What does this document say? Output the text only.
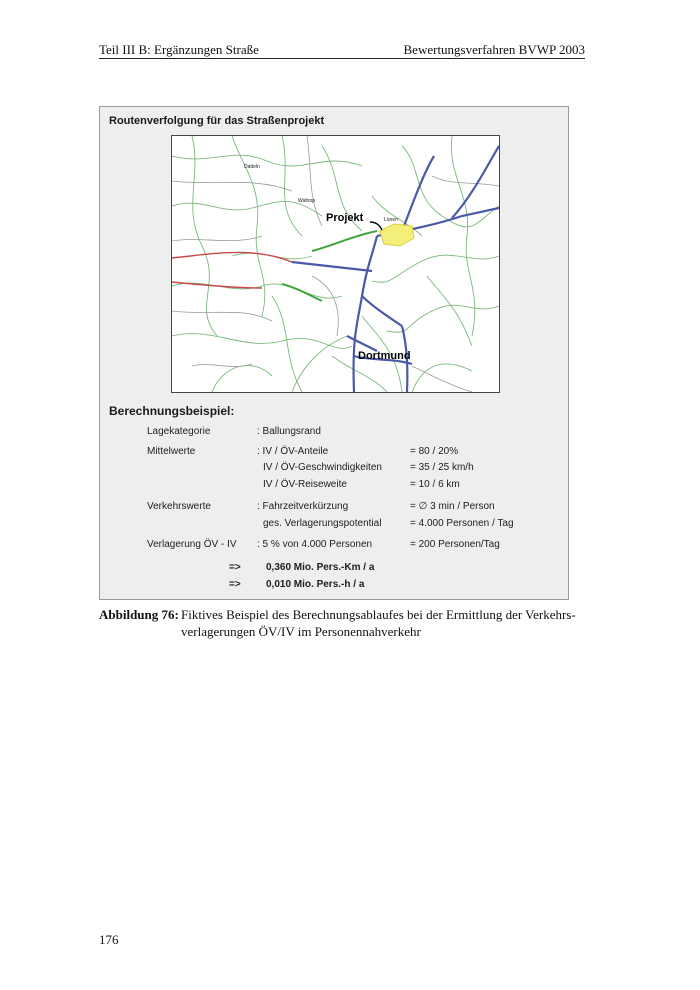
Teil III B: Ergänzungen Straße	Bewertungsverfahren BVWP 2003
Routenverfolgung für das Straßenprojekt
Datteln
Waltrop
Projekt	Lünen
Dortmund
Berechnungsbeispiel:
Lagekategorie	: Ballungsrand
Mittelwerte	: IV / ÖV-Anteile	= 80 / 20%
IV / ÖV-Geschwindigkeiten	= 35 / 25 km/h
IV / ÖV-Reiseweite	= 10 / 6 km
Verkehrswerte	: Fahrzeitverkürzung	= ∅ 3 min / Person
ges. Verlagerungspotential	= 4.000 Personen / Tag
Verlagerung ÖV - IV : 5 % von 4.000 Personen	= 200 Personen/Tag
=>	0,360 Mio. Pers.-Km / a
=>	0,010 Mio. Pers.-h / a
Abbildung 76: Fiktives Beispiel des Berechnungsablaufes bei der Ermittlung der Verkehrs-
verlagerungen ÖV/IV im Personennahverkehr
176
